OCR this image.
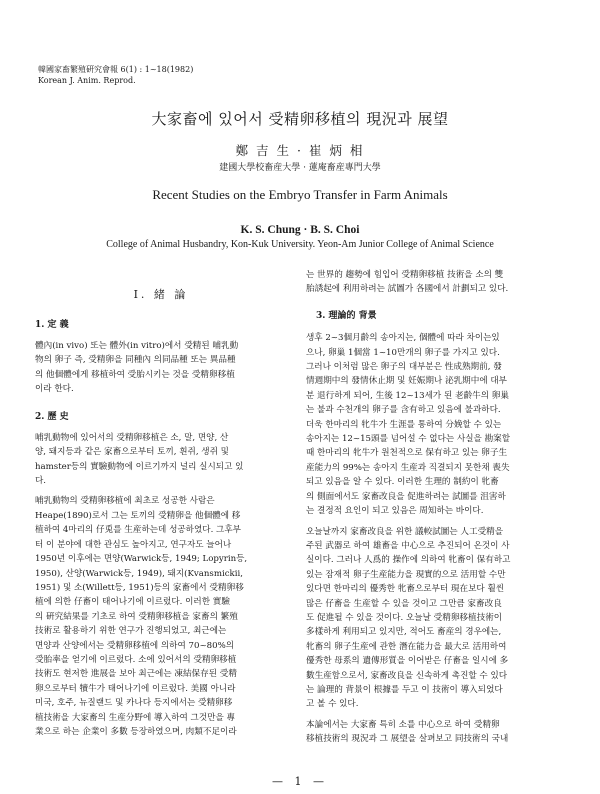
韓國家畜繁殖硏究會報 6(1) : 1~18(1982)
Korean J. Anim. Reprod.
大家畜에 있어서 受精卵移植의 現況과 展望
鄭 吉 生 · 崔 炳 相
建國大學校畜産大學 · 蓮庵畜産專門大學
Recent Studies on the Embryo Transfer in Farm Animals
K. S. Chung · B. S. Choi
College of Animal Husbandry, Kon-Kuk University. Yeon-Am Junior College of Animal Science
I. 緒 論
1. 定 義

體內(in vivo) 또는 體外(in vitro)에서 受精된 哺乳動

物의 卵子 즉, 受精卵을 同種內 의同品種 또는 異品種

의 他個體에게 移植하여 受胎시키는 것을 受精卵移植

이라 한다.

2. 歷 史

哺乳動物에 있어서의 受精卵移植은 소, 말, 면양, 산

양, 돼지등과 같은 家畜으로부터 토끼, 흰쥐, 생쥐 및

hamster등의 實驗動物에 이르기까지 널리 실시되고 있

다.

哺乳動物의 受精卵移植에 최초로 성공한 사람은

Heape(1890)로서 그는 토끼의 受精卵을 他個體에 移

植하여 4마리의 仔兎를 生産하는데 성공하였다. 그후부

터 이 분야에 대한 관심도 높아지고, 연구자도 늘어나

1950년 이후에는 면양(Warwick등, 1949; Lopyrin등,

1950), 산양(Warwick등, 1949), 돼지(Kvansmickii,

1951) 및 소(Willett등, 1951)등의 家畜에서 受精卵移

植에 의한 仔畜이 태어나기에 이르렀다. 이러한 實驗

의 硏究結果를 기초로 하여 受精卵移植을 家畜의 繁殖

技術로 활용하기 위한 연구가 진행되었고, 최근에는

면양과 산양에서는 受精卵移植에 의하여 70~80%의

受胎率을 얻기에 이르렀다. 소에 있어서의 受精卵移植

技術도 현저한 進展을 보아 최근에는 凍結保存된 受精

卵으로부터 犢牛가 태어나기에 이르렀다. 美國 아니라

미국, 호주, 뉴질랜드 및 카나다 등지에서는 受精卵移

植技術을 大家畜의 生産分野에 導入하여 그것만을 專

業으로 하는 企業이 多數 등장하였으며, 肉類不足이라

는 世界的 趨勢에 힘입어 受精卵移植 技術을 소의 雙

胎誘起에 利用하려는 試圖가 各國에서 計劃되고 있다.

3. 理論的 背景

생후 2~3個月齡의 송아지는, 個體에 따라 차이는있

으나, 卵巢 1個當 1~10만개의 卵子를 가지고 있다.

그러나 이처럼 많은 卵子의 대부분은 性成熟期前, 發

情週期中의 發情休止期 및 妊娠期나 泌乳期中에 대부

분 退行하게 되어, 生後 12~13세가 된 老齡牛의 卵巢

는 불과 수천개의 卵子를 含有하고 있음에 불과하다.

더욱 한마리의 牝牛가 生涯를 통하여 分娩할 수 있는

송아지는 12~15頭를 넘어설 수 없다는 사실을 勘案할

때 한마리의 牝牛가 원천적으로 保有하고 있는 卵子生

産能力의 99%는 송아지 生産과 직결되지 못한채 喪失

되고 있음을 알 수 있다. 이러한 生理的 制約이 牝畜

의 側面에서도 家畜改良을 促進하려는 試圖를 沮害하

는 결정적 요인이 되고 있음은 周知하는 바이다.

오늘날까지 家畜改良을 위한 議較試圖는 人工受精을

주된 武器로 하여 雄畜을 中心으로 추진되어 온것이 사

실이다. 그러나 人爲的 操作에 의하여 牝畜이 保有하고

있는 잠재적 卵子生産能力을 現實的으로 活用할 수만

있다면 한마리의 優秀한 牝畜으로부터 現在보다 훨씬

많은 仔畜을 生産할 수 있을 것이고 그만큼 家畜改良

도 促進될 수 있을 것이다. 오늘날 受精卵移植技術이

多樣하게 利用되고 있지만, 적어도 畜産의 경우에는,

牝畜의 卵子生産에 관한 潛在能力을 最大로 活用하여

優秀한 母系의 遺傳形質을 이어받은 仔畜을 일시에 多

數生産함으로서, 家畜改良을 신속하게 촉진할 수 있다

는 論理的 背景이 根據를 두고 이 技術이 導入되었다

고 볼 수 있다.

本論에서는 大家畜 특히 소를 中心으로 하여 受精卵

移植技術의 現況과 그 展望을 살펴보고 同技術의 국내

— 1 —
